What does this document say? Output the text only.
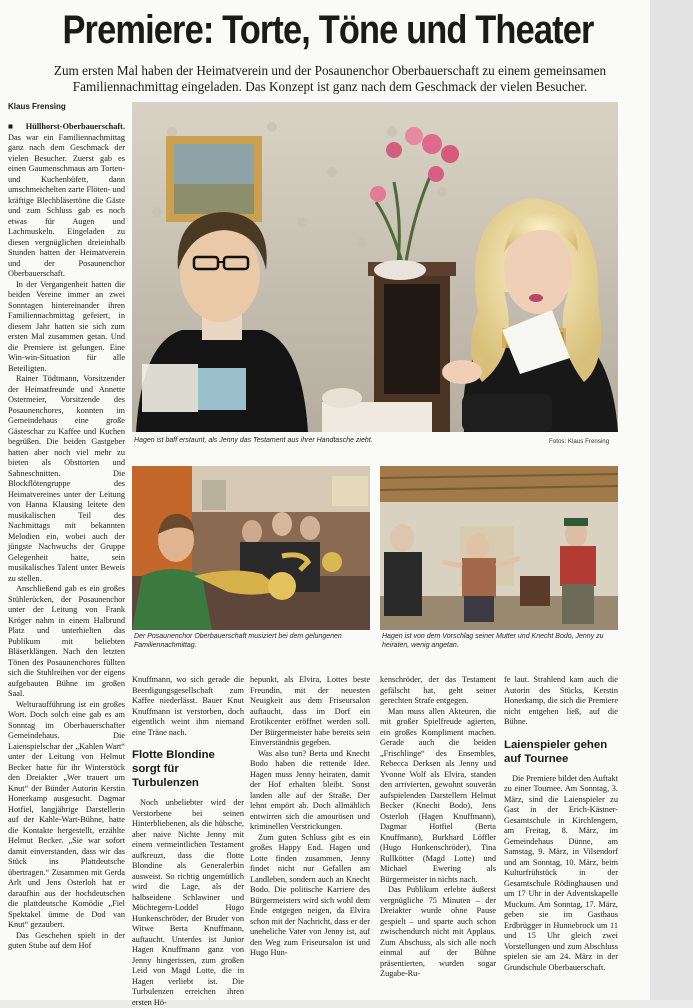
Premiere: Torte, Töne und Theater
Zum ersten Mal haben der Heimatverein und der Posaunenchor Oberbauerschaft zu einem gemeinsamen Familiennachmittag eingeladen. Das Konzept ist ganz nach dem Geschmack der vielen Besucher.
Klaus Frensing

■ Hüllhorst-Oberbauerschaft. Das war ein Familiennachmittag ganz nach dem Geschmack der vielen Besucher. Zuerst gab es einen Gaumenschmaus am Torten- und Kuchenbüfett, dann umschmeichelten zarte Flöten- und kräftige Blechbläsertöne die Gäste und zum Schluss gab es noch etwas für Augen und Lachmuskeln. Eingeladen zu diesen vergnüglichen dreieinhalb Stunden hatten der Heimatverein und der Posaunenchor Oberbauerschaft.

In der Vergangenheit hatten die beiden Vereine immer an zwei Sonntagen hintereinander ihren Familiennachmittag gefeiert, in diesem Jahr hatten sie sich zum ersten Mal zusammen getan. Und die Premiere ist gelungen. Eine Win-win-Situation für alle Beteiligten.

Rainer Tödtmann, Vorsitzender der Heimatfreunde und Annette Ostermeier, Vorsitzende des Posaunenchores, konnten im Gemeindehaus eine große Gästeschar zu Kaffee und Kuchen begrüßen. Die beiden Gastgeber hatten aber noch viel mehr zu bieten als Obsttorten und Sahneschnitten. Die Blockflötengruppe des Heimatvereines unter der Leitung von Hanna Klausing leitete den musikalischen Teil des Nachmittags mit bekannten Melodien ein, wobei auch der jüngste Nachwuchs der Gruppe Gelegenheit hatte, sein musikalisches Talent unter Beweis zu stellen.

Anschließend gab es ein großes Stühlerücken, der Posaunenchor unter der Leitung von Frank Kröger nahm in einem Halbrund Platz und unterhielten das Publikum mit beliebten Bläserklängen. Nach den letzten Tönen des Posaunenchores füllten sich die Stuhlreihen vor der eigens aufgebauten Bühne im großen Saal.

Welturaufführung ist ein großes Wort. Doch solch eine gab es am Sonntag im Oberbauerschafter Gemeindehaus. Die Laienspielschar der „Kahlen Wart“ unter der Leitung von Helmut Becker hatte für ihr Winterstück den Dreiakter „Wer trauert um Knut“ der Bünder Autorin Kerstin Honerkamp ausgesucht. Dagmar Hotfiel, langjährige Darstellerin auf der Kahle-Wart-Bühne, hatte die Kontakte hergestellt, erzählte Helmut Becker. „Sie war sofort damit einverstanden, dass wir das Stück ins Plattdeutsche übertragen.“ Zusammen mit Gerda Arlt und Jens Osterloh hat er daraufhin aus der hochdeutschen die plattdeutsche Komödie „Fiel Spektakel ümme de Dod van Knut“ gezaubert.

Das Geschehen spielt in der guten Stube auf dem Hof

Hagen ist baff erstaunt, als Jenny das Testament aus ihrer Handtasche zieht.	Fotos: Klaus Frensing
Der Posaunenchor Oberbauerschaft musiziert bei dem gelungenen Familiennachmittag.
Hagen ist von dem Vorschlag seiner Mutter und Knecht Bodo, Jenny zu heiraten, wenig angetan.

Knuffmann, wo sich gerade die Beerdigungsgesellschaft zum Kaffee niederlässt. Bauer Knut Knuffmann ist verstorben, doch eigentlich weint ihm niemand eine Träne nach.

Flotte Blondine sorgt für Turbulenzen

Noch unbeliebter wird der Verstorbene bei seinen Hinterbliebenen, als die hübsche, aber naive Nichte Jenny mit einem vermeintlichen Testament aufkreuzt, dass die flotte Blondine als Generalerbin ausweist. So richtig ungemütlich wird die Lage, als der halbseidene Schlawiner und Möchtegern-Loddel Hugo Hunkenschröder, der Bruder von Witwe Berta Knuffmann, auftaucht. Unterdes ist Junior Hagen Knuffmann ganz von Jenny hingerissen, zum großen Leid von Magd Lotte, die in Hagen verliebt ist. Die Turbulenzen erreichen ihren ersten Hö-

hepunkt, als Elvira, Lottes beste Freundin, mit der neuesten Neuigkeit aus dem Friseursalon auftaucht, dass im Dorf ein Erotikcenter eröffnet werden soll. Der Bürgermeister habe bereits sein Einverständnis gegeben.

Was also tun? Berta und Knecht Bodo haben die rettende Idee. Hagen muss Jenny heiraten, damit der Hof erhalten bleibt. Sonst landen alle auf der Straße. Der lehnt empört ab. Doch allmählich entwirren sich die amourösen und kriminellen Verstrickungen.

Zum guten Schluss gibt es ein großes Happy End. Hagen und Lotte finden zusammen, Jenny findet nicht nur Gefallen am Landleben, sondern auch an Knecht Bodo. Die politische Karriere des Bürgermeisters wird sich wohl dem Ende entgegen neigen, da Elvira schon mit der Nachricht, dass er der uneheliche Vater von Jenny ist, auf den Weg zum Friseursalon ist und Hugo Hun-

kenschröder, der das Testament gefälscht hat, geht seiner gerechten Strafe entgegen.

Man muss allen Akteuren, die mit großer Spielfreude agierten, ein großes Kompliment machen. Gerade auch die beiden „Frischlinge“ des Ensembles, Rebecca Derksen als Jenny und Yvonne Wolf als Elvira, standen den arrivierten, gewohnt souverän aufspielenden Darstellern Helmut Becker (Knecht Bodo), Jens Osterloh (Hagen Knuffmann), Dagmar Hotfiel (Berta Knuffmann), Burkhard Löffler (Hugo Hunkenschröder), Tina Rullkötter (Magd Lotte) und Michael Ewering als Bürgermeister in nichts nach.

Das Publikum erlebte äußerst vergnügliche 75 Minuten – der Dreiakter wurde ohne Pause gespielt – und sparte auch schon zwischendurch nicht mit Applaus. Zum Abschuss, als sich alle noch einmal auf der Bühne präsentierten, wurden sogar Zugabe-Ru-

fe laut. Strahlend kam auch die Autorin des Stücks, Kerstin Honerkamp, die sich die Premiere nicht entgehen ließ, auf die Bühne.

Laienspieler gehen auf Tournee

Die Premiere bildet den Auftakt zu einer Tournee. Am Sonntag, 3. März, sind die Laienspieler zu Gast in der Erich-Kästner-Gesamtschule in Kirchlengern, am Freitag, 8. März, im Gemeindehaus Dünne, am Samstag, 9. März, in Vilsendorf und am Sonntag, 10. März, beim Kulturfrühstück in der Gesamtschule Rödinghausen und um 17 Uhr in der Adventskapelle Muckum. Am Sonntag, 17. März, geben sie im Gasthaus Erdbrügger in Hunnebrock um 11 und 15 Uhr gleich zwei Vorstellungen und zum Abschluss spielen sie am 24. März in der Grundschule Oberbauerschaft.
